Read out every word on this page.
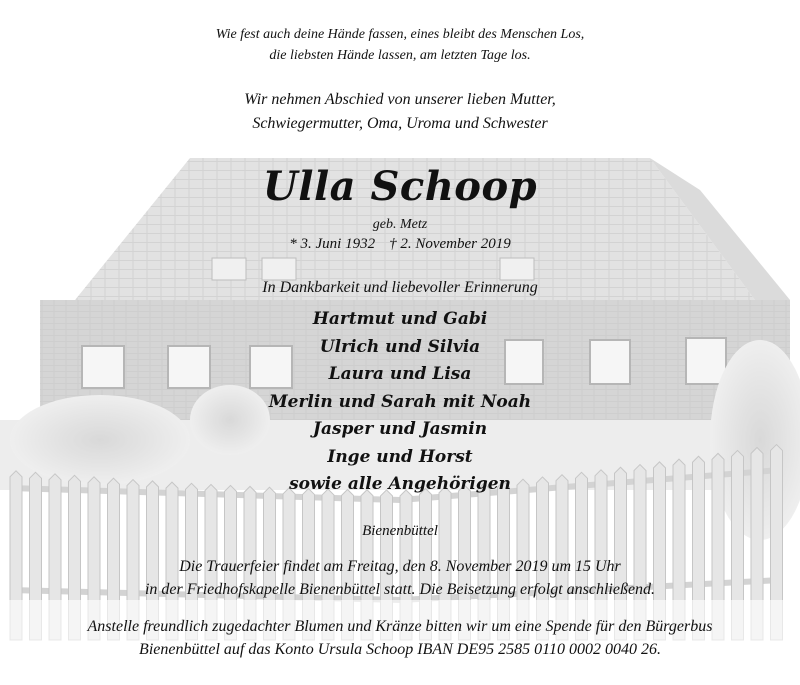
Wie fest auch deine Hände fassen, eines bleibt des Menschen Los,
die liebsten Hände lassen, am letzten Tage los.
Wir nehmen Abschied von unserer lieben Mutter,
Schwiegermutter, Oma, Uroma und Schwester
Ulla Schoop
geb. Metz
* 3. Juni 1932 † 2. November 2019
In Dankbarkeit und liebevoller Erinnerung
Hartmut und Gabi
Ulrich und Silvia
Laura und Lisa
Merlin und Sarah mit Noah
Jasper und Jasmin
Inge und Horst
sowie alle Angehörigen
Bienenbüttel
Die Trauerfeier findet am Freitag, den 8. November 2019 um 15 Uhr
in der Friedhofskapelle Bienenbüttel statt. Die Beisetzung erfolgt anschließend.
Anstelle freundlich zugedachter Blumen und Kränze bitten wir um eine Spende für den Bürgerbus
Bienenbüttel auf das Konto Ursula Schoop IBAN DE95 2585 0110 0002 0040 26.
